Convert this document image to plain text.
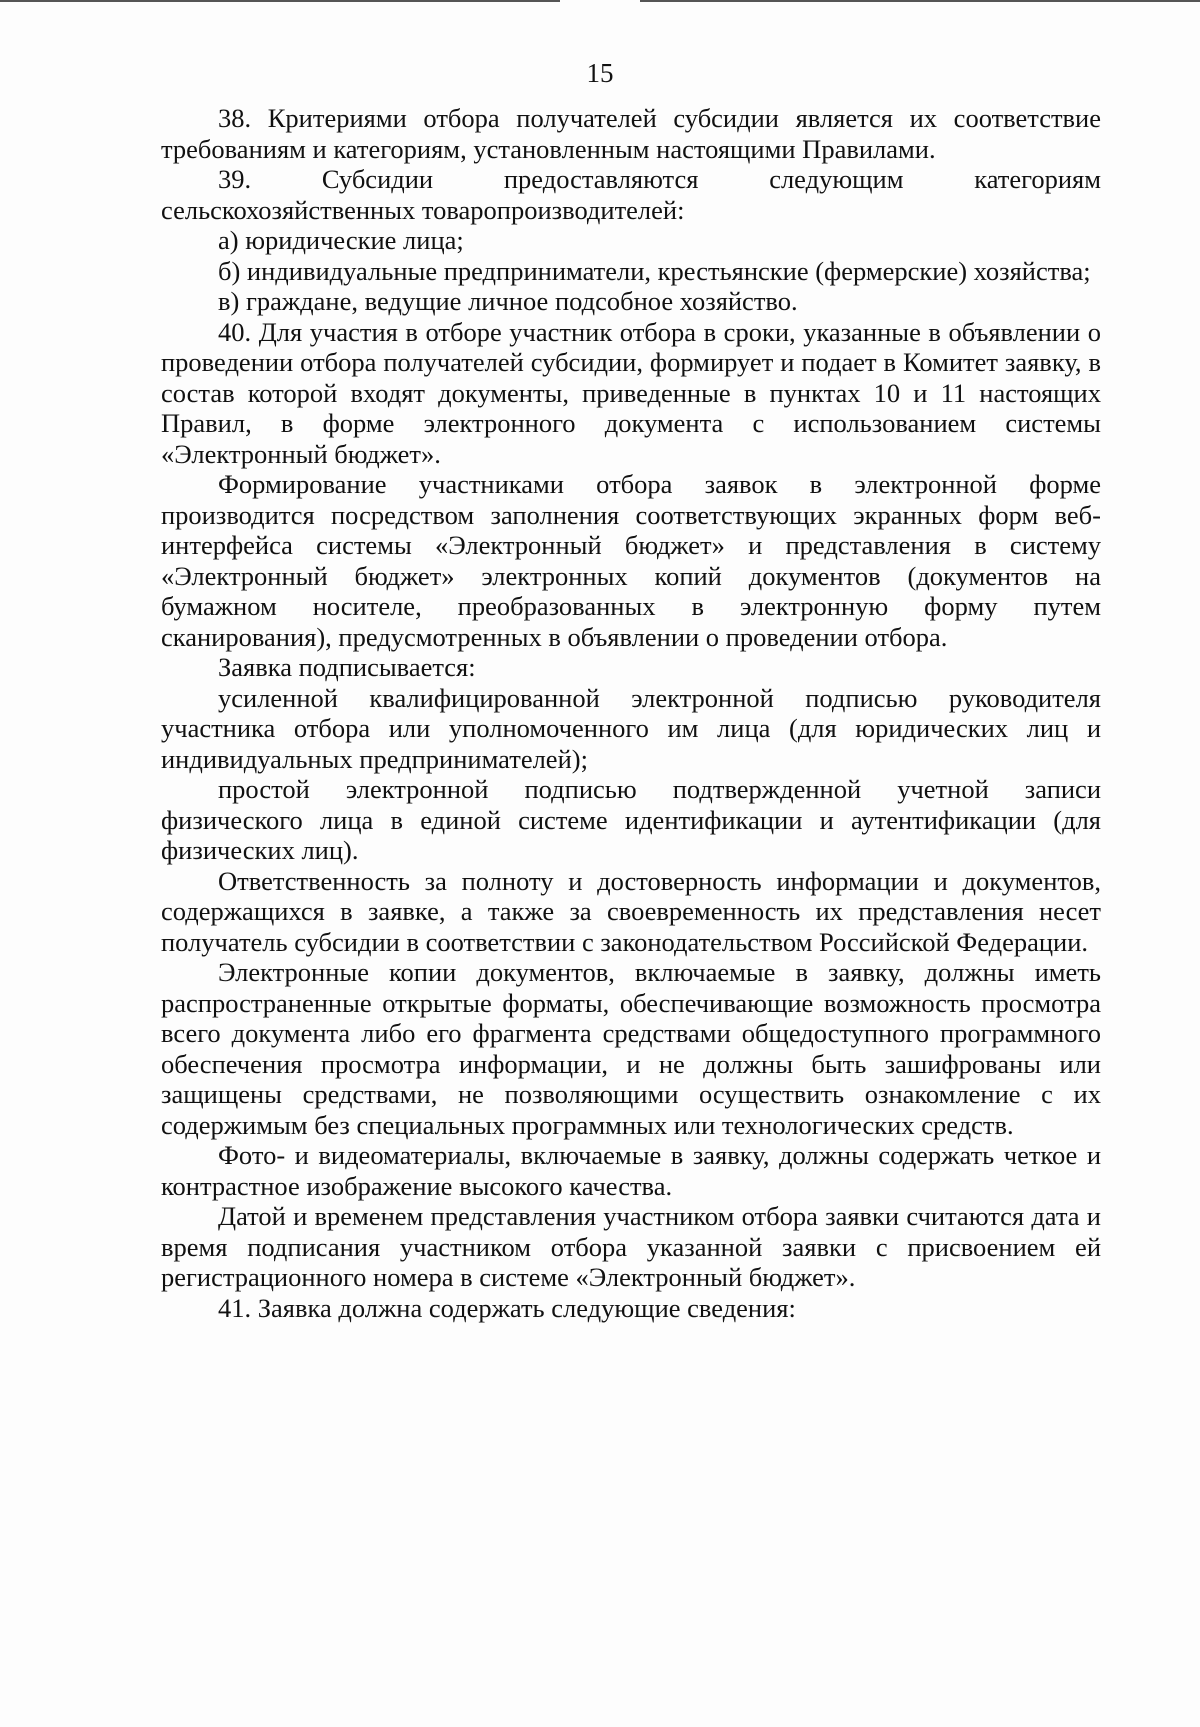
15

38. Критериями отбора получателей субсидии является их соответствие требованиям и категориям, установленным настоящими Правилами.

39. Субсидии предоставляются следующим категориям сельскохозяйственных товаропроизводителей:

а) юридические лица;

б) индивидуальные предприниматели, крестьянские (фермерские) хозяйства;

в) граждане, ведущие личное подсобное хозяйство.

40. Для участия в отборе участник отбора в сроки, указанные в объявлении о проведении отбора получателей субсидии, формирует и подает в Комитет заявку, в состав которой входят документы, приведенные в пунктах 10 и 11 настоящих Правил, в форме электронного документа с использованием системы «Электронный бюджет».

Формирование участниками отбора заявок в электронной форме производится посредством заполнения соответствующих экранных форм веб-интерфейса системы «Электронный бюджет» и представления в систему «Электронный бюджет» электронных копий документов (документов на бумажном носителе, преобразованных в электронную форму путем сканирования), предусмотренных в объявлении о проведении отбора.

Заявка подписывается:

усиленной квалифицированной электронной подписью руководителя участника отбора или уполномоченного им лица (для юридических лиц и индивидуальных предпринимателей);

простой электронной подписью подтвержденной учетной записи физического лица в единой системе идентификации и аутентификации (для физических лиц).

Ответственность за полноту и достоверность информации и документов, содержащихся в заявке, а также за своевременность их представления несет получатель субсидии в соответствии с законодательством Российской Федерации.

Электронные копии документов, включаемые в заявку, должны иметь распространенные открытые форматы, обеспечивающие возможность просмотра всего документа либо его фрагмента средствами общедоступного программного обеспечения просмотра информации, и не должны быть зашифрованы или защищены средствами, не позволяющими осуществить ознакомление с их содержимым без специальных программных или технологических средств.

Фото- и видеоматериалы, включаемые в заявку, должны содержать четкое и контрастное изображение высокого качества.

Датой и временем представления участником отбора заявки считаются дата и время подписания участником отбора указанной заявки с присвоением ей регистрационного номера в системе «Электронный бюджет».

41. Заявка должна содержать следующие сведения:
